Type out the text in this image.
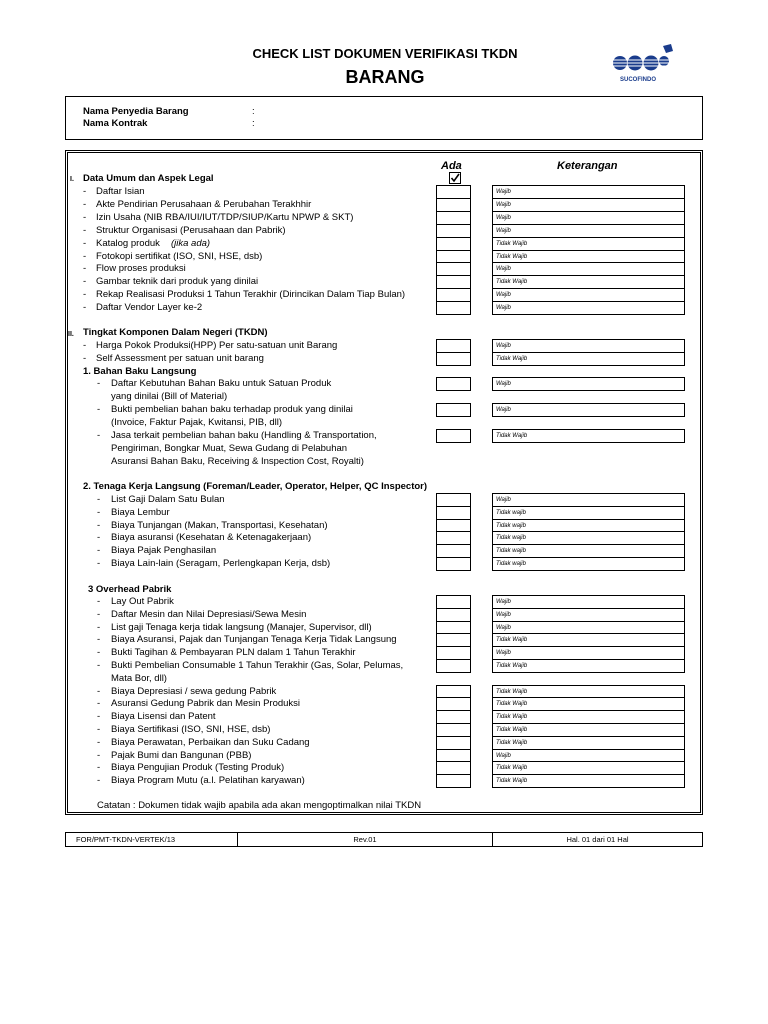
CHECK LIST DOKUMEN VERIFIKASI TKDN
BARANG	SUCOFINDO
Nama Penyedia Barang	:
Nama Kontrak	:
Ada	Keterangan
I. Data Umum dan Aspek Legal
- Daftar Isian	Wajib
- Akte Pendirian Perusahaan & Perubahan Terakhhir	Wajib
- Izin Usaha (NIB RBA/IUI/IUT/TDP/SIUP/Kartu NPWP & SKT)	Wajib
- Struktur Organisasi (Perusahaan dan Pabrik)	Wajib
- Katalog produk (jika ada)	Tidak Wajib
- Fotokopi sertifikat (ISO, SNI, HSE, dsb)	Tidak Wajib
- Flow proses produksi	Wajib
- Gambar teknik dari produk yang dinilai	Tidak Wajib
- Rekap Realisasi Produksi 1 Tahun Terakhir (Dirincikan Dalam Tiap Bulan)	Wajib
- Daftar Vendor Layer ke-2	Wajib
II. Tingkat Komponen Dalam Negeri (TKDN)
- Harga Pokok Produksi(HPP) Per satu-satuan unit Barang	Wajib
- Self Assessment per satuan unit barang	Tidak Wajib
1. Bahan Baku Langsung
- Daftar Kebutuhan Bahan Baku untuk Satuan Produk
yang dinilai (Bill of Material)
Wajib
- Bukti pembelian bahan baku terhadap produk yang dinilai
(Invoice, Faktur Pajak, Kwitansi, PIB, dll)
Wajib
- Jasa terkait pembelian bahan baku (Handling & Transportation,
Pengiriman, Bongkar Muat, Sewa Gudang di Pelabuhan
Asuransi Bahan Baku, Receiving & Inspection Cost, Royalti)
Tidak Wajib
2. Tenaga Kerja Langsung (Foreman/Leader, Operator, Helper, QC Inspector)
- List Gaji Dalam Satu Bulan	Wajib
- Biaya Lembur	Tidak wajib
- Biaya Tunjangan (Makan, Transportasi, Kesehatan)	Tidak wajib
- Biaya asuransi (Kesehatan & Ketenagakerjaan)	Tidak wajib
- Biaya Pajak Penghasilan	Tidak wajib
- Biaya Lain-lain (Seragam, Perlengkapan Kerja, dsb)	Tidak wajib
3 Overhead Pabrik
- Lay Out Pabrik	Wajib
- Daftar Mesin dan Nilai Depresiasi/Sewa Mesin	Wajib
- List gaji Tenaga kerja tidak langsung (Manajer, Supervisor, dll)	Wajib
- Biaya Asuransi, Pajak dan Tunjangan Tenaga Kerja Tidak Langsung	Tidak Wajib
- Bukti Tagihan & Pembayaran PLN dalam 1 Tahun Terakhir	Wajib
- Bukti Pembelian Consumable 1 Tahun Terakhir (Gas, Solar, Pelumas,	Tidak Wajib
Mata Bor, dll)
- Biaya Depresiasi / sewa gedung Pabrik	Tidak Wajib
- Asuransi Gedung Pabrik dan Mesin Produksi	Tidak Wajib
- Biaya Lisensi dan Patent	Tidak Wajib
- Biaya Sertifikasi (ISO, SNI, HSE, dsb)	Tidak Wajib
- Biaya Perawatan, Perbaikan dan Suku Cadang	Tidak Wajib
- Pajak Bumi dan Bangunan (PBB)	Wajib
- Biaya Pengujian Produk (Testing Produk)	Tidak Wajib
- Biaya Program Mutu (a.l. Pelatihan karyawan)	Tidak Wajib
Catatan : Dokumen tidak wajib apabila ada akan mengoptimalkan nilai TKDN
FOR/PMT-TKDN-VERTEK/13	Rev.01	Hal. 01 dari 01 Hal
